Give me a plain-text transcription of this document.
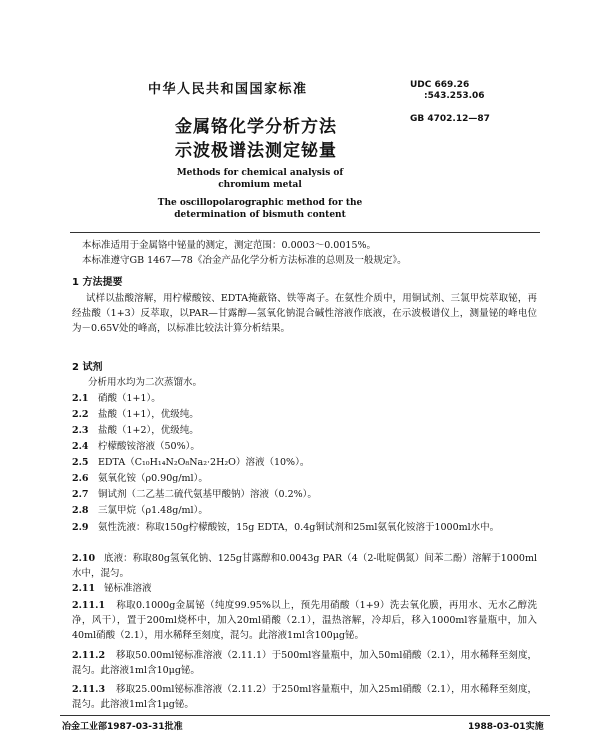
中华人民共和国国家标准	UDC 669.26
:543.253.06
GB 4702.12—87
金属铬化学分析方法
示波极谱法测定铋量
Methods for chemical analysis of
chromium metal
The oscillopolarographic method for the
determination of bismuth content
本标准适用于金属铬中铋量的测定，测定范围：0.0003～0.0015%。
本标准遵守GB 1467—78《冶金产品化学分析方法标准的总则及一般规定》。
1 方法提要
试样以盐酸溶解，用柠檬酸铵、EDTA掩蔽铬、铁等离子。在氨性介质中，用铜试剂、三氯甲烷萃取铋，再经盐酸（1+3）反萃取，以PAR—甘露醇—氢氧化钠混合碱性溶液作底液，在示波极谱仪上，测量铋的峰电位为－0.65V处的峰高，以标准比较法计算分析结果。
2 试剂
分析用水均为二次蒸馏水。
2.1 硝酸（1+1）。
2.2 盐酸（1+1），优级纯。
2.3 盐酸（1+2），优级纯。
2.4 柠檬酸铵溶液（50%）。
2.5 EDTA（C₁₀H₁₄N₂O₈Na₂·2H₂O）溶液（10%）。
2.6 氨氧化铵（ρ0.90g/ml）。
2.7 铜试剂（二乙基二硫代氨基甲酸钠）溶液（0.2%）。
2.8 三氯甲烷（ρ1.48g/ml）。
2.9 氨性洗液：称取150g柠檬酸铵，15g EDTA，0.4g铜试剂和25ml氨氧化铵溶于1000ml水中。
2.10 底液：称取80g氢氧化钠、125g甘露醇和0.0043g PAR（4（2-吡啶偶氮）间苯二酚）溶解于1000ml水中，混匀。
2.11 铋标准溶液
2.11.1 称取0.1000g金属铋（纯度99.95%以上，预先用硝酸（1+9）洗去氧化膜，再用水、无水乙醇洗净，风干），置于200ml烧杯中，加入20ml硝酸（2.1），温热溶解，冷却后，移入1000ml容量瓶中，加入40ml硝酸（2.1），用水稀释至刻度，混匀。此溶液1ml含100μg铋。
2.11.2 移取50.00ml铋标准溶液（2.11.1）于500ml容量瓶中，加入50ml硝酸（2.1），用水稀释至刻度，混匀。此溶液1ml含10μg铋。
2.11.3 移取25.00ml铋标准溶液（2.11.2）于250ml容量瓶中，加入25ml硝酸（2.1），用水稀释至刻度，混匀。此溶液1ml含1μg铋。
冶金工业部1987-03-31批准	1988-03-01实施
